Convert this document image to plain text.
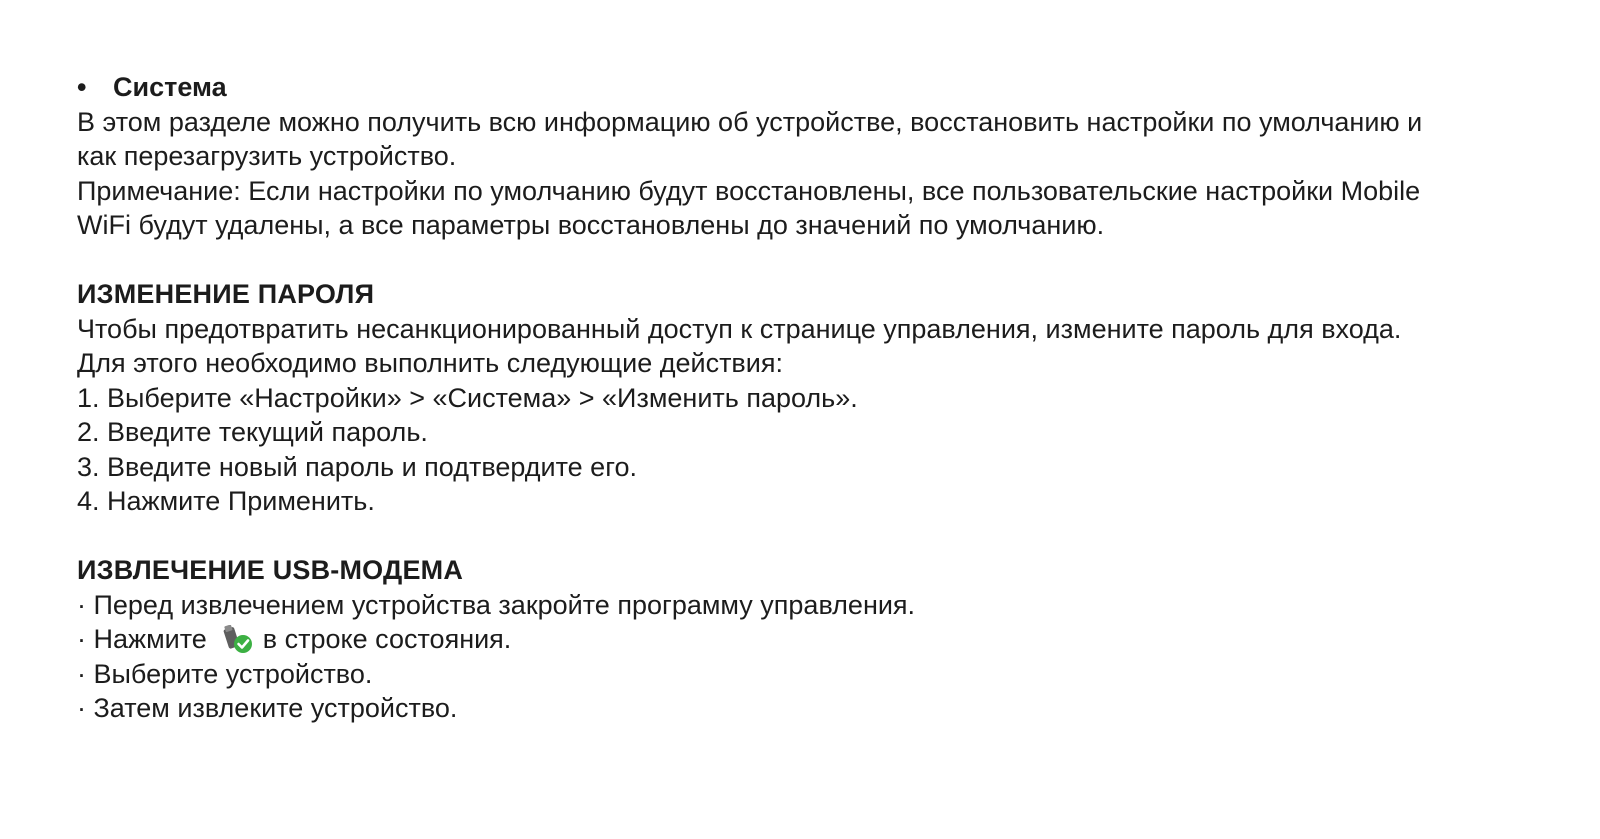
• Система

В этом разделе можно получить всю информацию об устройстве, восстановить настройки по умолчанию и

как перезагрузить устройство.

Примечание: Если настройки по умолчанию будут восстановлены, все пользовательские настройки Mobile

WiFi будут удалены, а все параметры восстановлены до значений по умолчанию.

ИЗМЕНЕНИЕ ПАРОЛЯ

Чтобы предотвратить несанкционированный доступ к странице управления, измените пароль для входа.

Для этого необходимо выполнить следующие действия:

1. Выберите «Настройки» > «Система» > «Изменить пароль».

2. Введите текущий пароль.

3. Введите новый пароль и подтвердите его.

4. Нажмите Применить.

ИЗВЛЕЧЕНИЕ USB-МОДЕМА

· Перед извлечением устройства закройте программу управления.

· Нажмите в строке состояния.

· Выберите устройство.

· Затем извлеките устройство.
